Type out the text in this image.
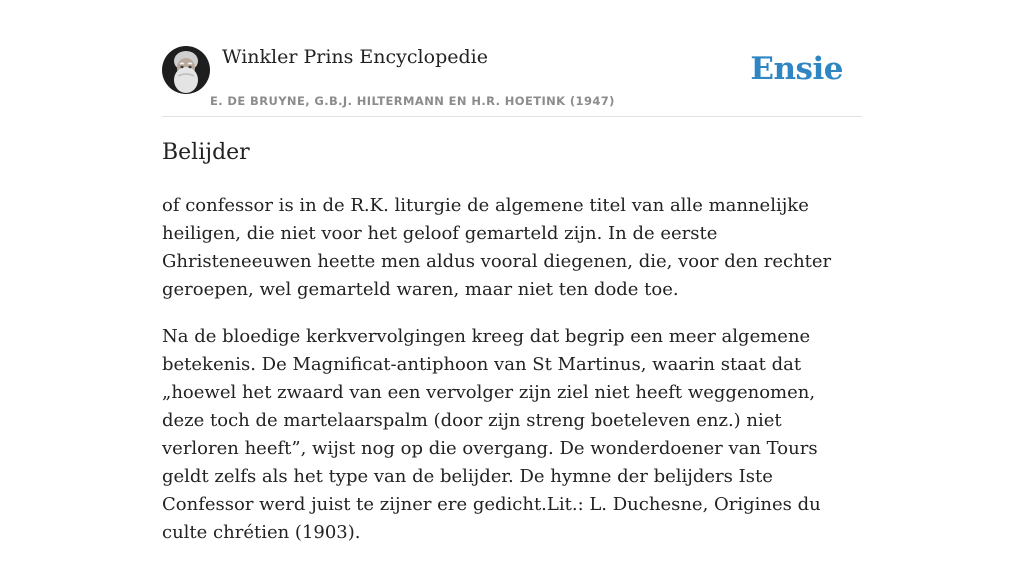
Winkler Prins Encyclopedie
E. DE BRUYNE, G.B.J. HILTERMANN EN H.R. HOETINK (1947)
Ensie
Belijder

of confessor is in de R.K. liturgie de algemene titel van alle mannelijke heiligen, die niet voor het geloof gemarteld zijn. In de eerste Ghristeneeuwen heette men aldus vooral diegenen, die, voor den rechter geroepen, wel gemarteld waren, maar niet ten dode toe.

Na de bloedige kerkvervolgingen kreeg dat begrip een meer algemene betekenis. De Magnificat-antiphoon van St Martinus, waarin staat dat „hoewel het zwaard van een vervolger zijn ziel niet heeft weggenomen, deze toch de martelaarspalm (door zijn streng boeteleven enz.) niet verloren heeft”, wijst nog op die overgang. De wonderdoener van Tours geldt zelfs als het type van de belijder. De hymne der belijders Iste Confessor werd juist te zijner ere gedicht.Lit.: L. Duchesne, Origines du culte chrétien (1903).
